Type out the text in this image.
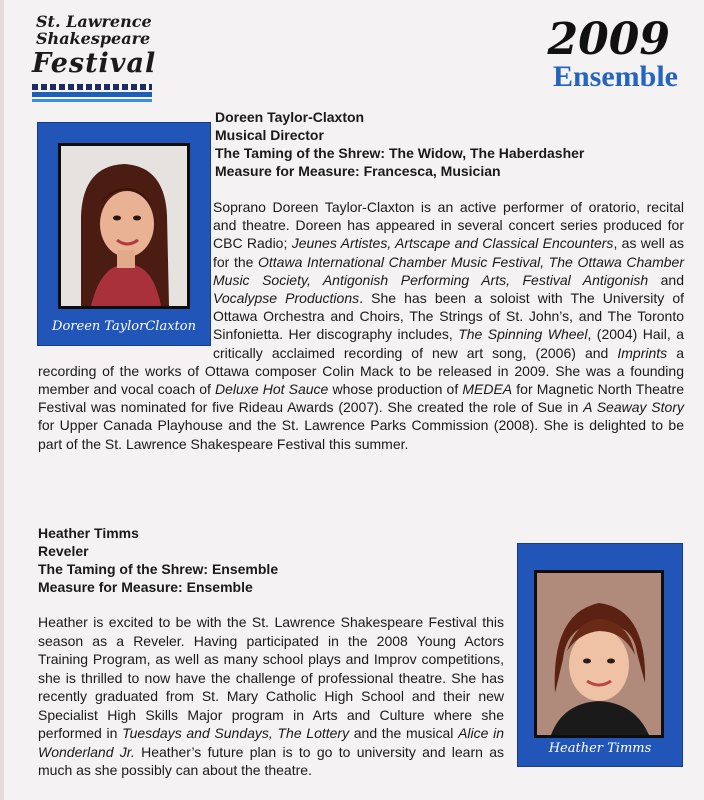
St. Lawrence
Shakespeare
Festival	2009
Ensemble
Doreen TaylorClaxton
Doreen Taylor-Claxton
Musical Director
The Taming of the Shrew: The Widow, The Haberdasher
Measure for Measure: Francesca, Musician

Soprano Doreen Taylor-Claxton is an active performer of oratorio, recital and theatre. Doreen has appeared in several concert series produced for CBC Radio; Jeunes Artistes, Artscape and Classical Encounters, as well as for the Ottawa International Chamber Music Festival, The Ottawa Chamber Music Society, Antigonish Performing Arts, Festival Antigonish and Vocalypse Productions. She has been a soloist with The University of Ottawa Orchestra and Choirs, The Strings of St. John’s, and The Toronto Sinfonietta. Her discography includes, The Spinning Wheel, (2004) Hail, a critically acclaimed recording of new art song, (2006) and Imprints a recording of the works of Ottawa composer Colin Mack to be released in 2009. She was a founding member and vocal coach of Deluxe Hot Sauce whose production of MEDEA for Magnetic North Theatre Festival was nominated for five Rideau Awards (2007). She created the role of Sue in A Seaway Story for Upper Canada Playhouse and the St. Lawrence Parks Commission (2008). She is delighted to be part of the St. Lawrence Shakespeare Festival this summer.

Heather Timms
Reveler
The Taming of the Shrew: Ensemble
Measure for Measure: Ensemble

Heather is excited to be with the St. Lawrence Shakespeare Festival this season as a Reveler. Having participated in the 2008 Young Actors Training Program, as well as many school plays and Improv competitions, she is thrilled to now have the challenge of professional theatre. She has recently graduated from St. Mary Catholic High School and their new Specialist High Skills Major program in Arts and Culture where she performed in Tuesdays and Sundays, The Lottery and the musical Alice in Wonderland Jr. Heather’s future plan is to go to university and learn as much as she possibly can about the theatre.

Heather Timms
